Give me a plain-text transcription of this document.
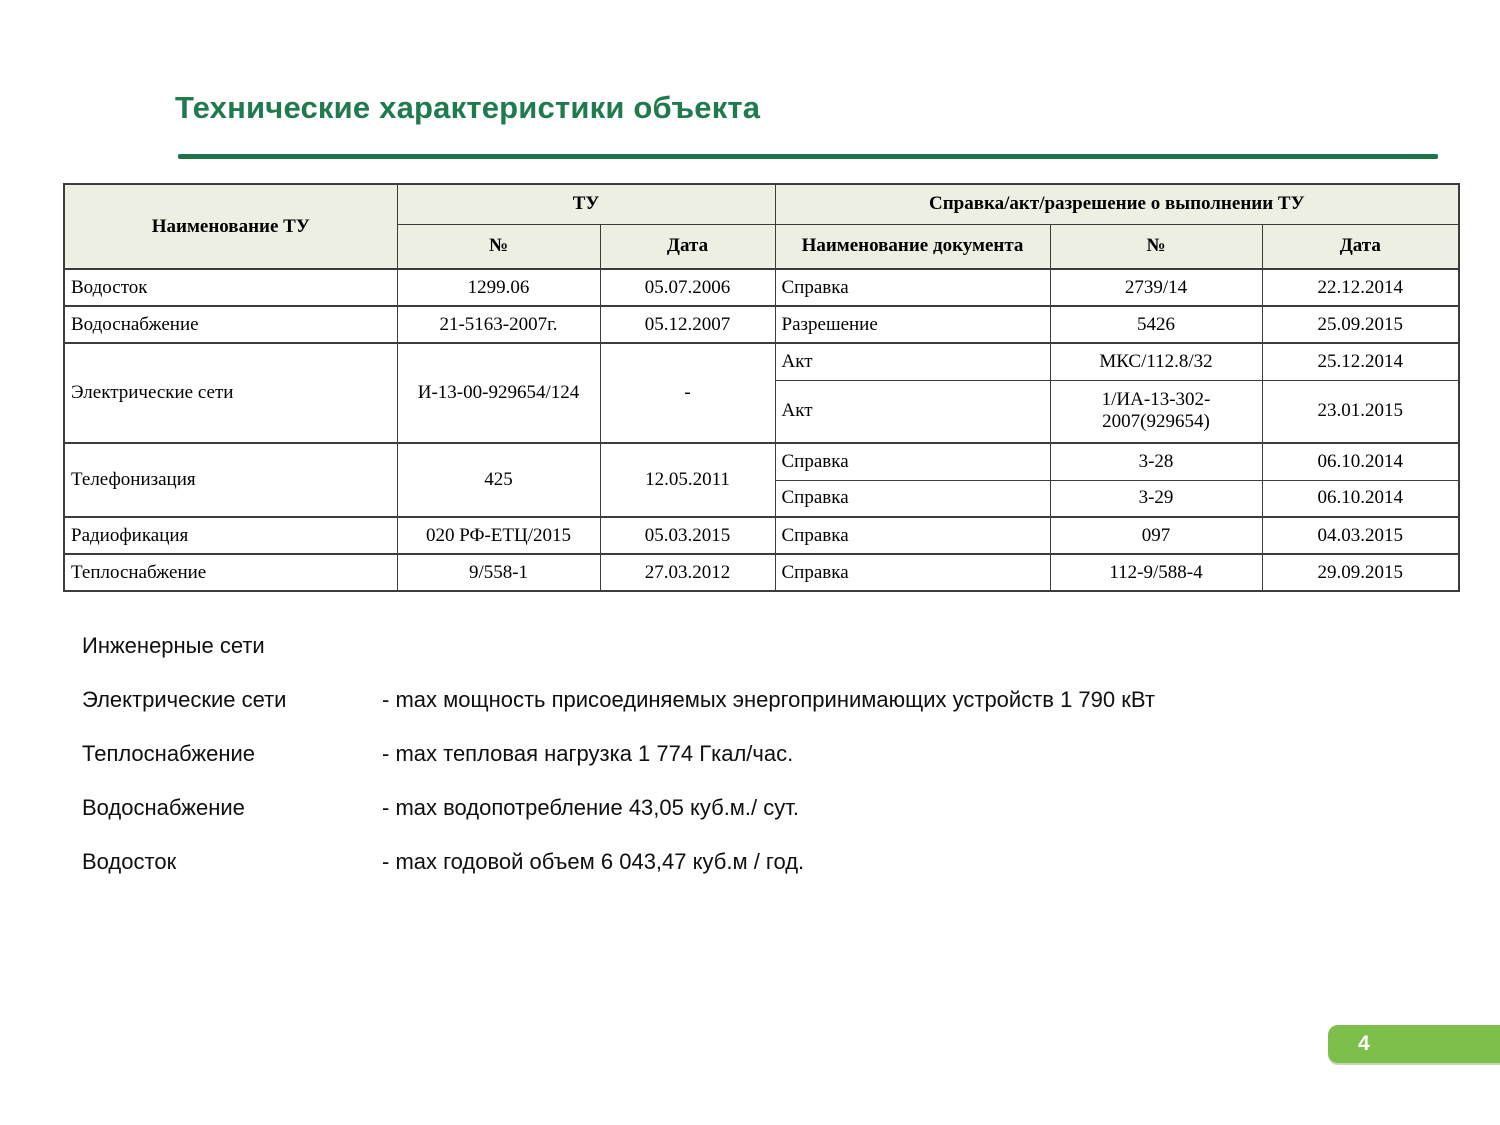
Технические характеристики объекта
Наименование ТУ	ТУ		Справка/акт/разрешение о выполнении ТУ		
	№	Дата	Наименование документа	№	Дата
Водосток	1299.06	05.07.2006	Справка	2739/14	22.12.2014
Водоснабжение	21-5163-2007г.	05.12.2007	Разрешение	5426	25.09.2015
Электрические сети	И-13-00-929654/124	-	Акт	МКС/112.8/32	25.12.2014
			Акт	1/ИА-13-302-2007(929654)	23.01.2015
Телефонизация	425	12.05.2011	Справка	3-28	06.10.2014
			Справка	3-29	06.10.2014
Радиофикация	020 РФ-ЕТЦ/2015	05.03.2015	Справка	097	04.03.2015
Теплоснабжение	9/558-1	27.03.2012	Справка	112-9/588-4	29.09.2015
Инженерные сети
Электрические сети	- max мощность присоединяемых энергопринимающих устройств 1 790 кВт
Теплоснабжение	- max тепловая нагрузка 1 774 Гкал/час.
Водоснабжение	- max водопотребление 43,05 куб.м./ сут.
Водосток	- max годовой объем 6 043,47 куб.м / год.
4
